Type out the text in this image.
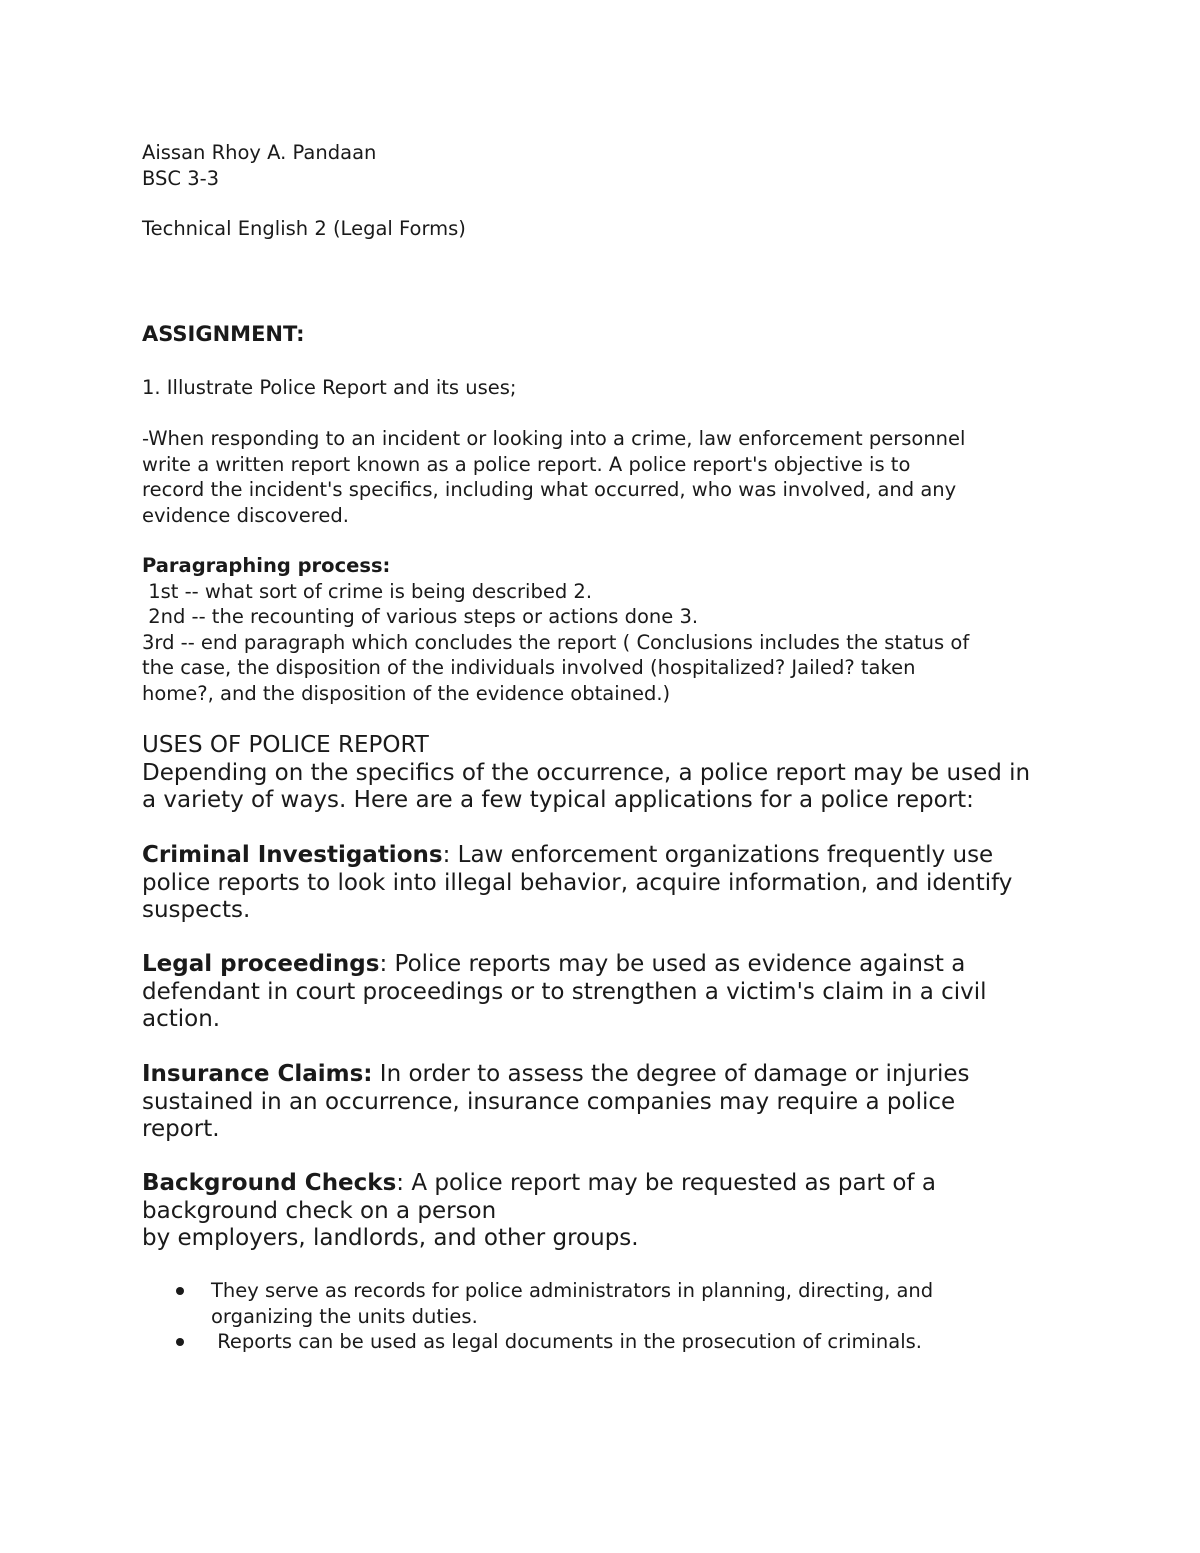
Aissan Rhoy A. Pandaan
BSC 3-3

Technical English 2 (Legal Forms)

ASSIGNMENT:

1. Illustrate Police Report and its uses;

-When responding to an incident or looking into a crime, law enforcement personnel
write a written report known as a police report. A police report's objective is to
record the incident's specifics, including what occurred, who was involved, and any
evidence discovered.

Paragraphing process:
1st -- what sort of crime is being described 2.
2nd -- the recounting of various steps or actions done 3.
3rd -- end paragraph which concludes the report ( Conclusions includes the status of
the case, the disposition of the individuals involved (hospitalized? Jailed? taken
home?, and the disposition of the evidence obtained.)

USES OF POLICE REPORT
Depending on the specifics of the occurrence, a police report may be used in
a variety of ways. Here are a few typical applications for a police report:

Criminal Investigations: Law enforcement organizations frequently use
police reports to look into illegal behavior, acquire information, and identify
suspects.

Legal proceedings: Police reports may be used as evidence against a
defendant in court proceedings or to strengthen a victim's claim in a civil
action.

Insurance Claims: In order to assess the degree of damage or injuries
sustained in an occurrence, insurance companies may require a police
report.

Background Checks: A police report may be requested as part of a
background check on a person
by employers, landlords, and other groups.

They serve as records for police administrators in planning, directing, and
organizing the units duties.
Reports can be used as legal documents in the prosecution of criminals.
